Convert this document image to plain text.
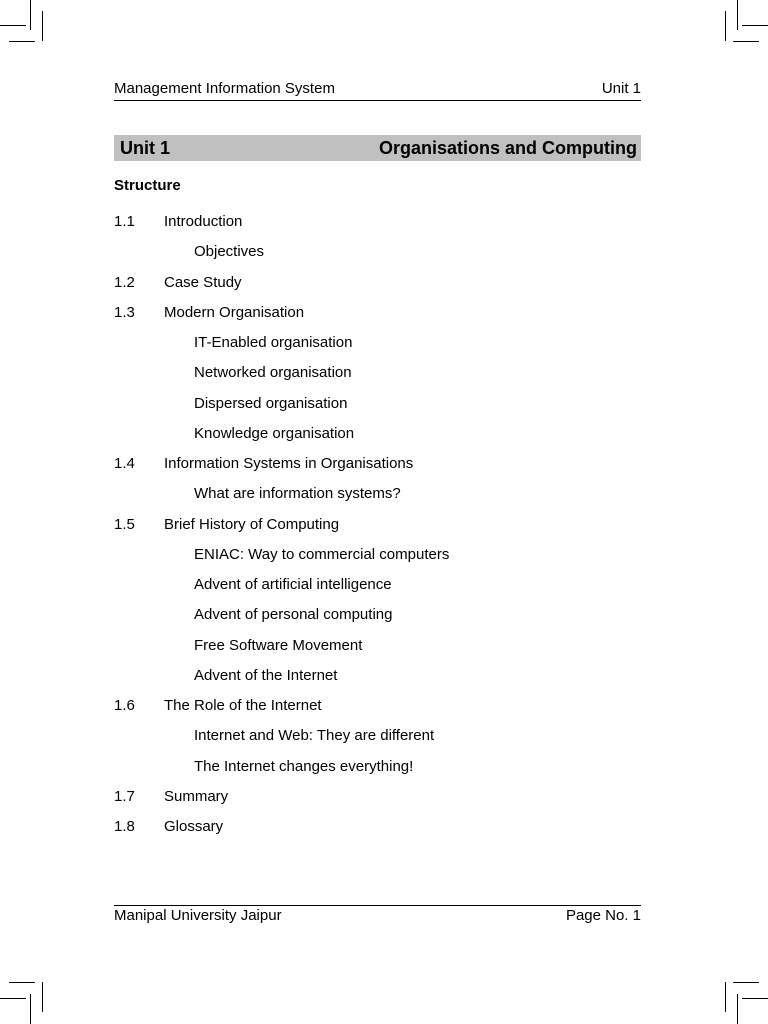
Management Information System	Unit 1
Unit 1	Organisations and Computing
Structure
1.1 Introduction
Objectives
1.2 Case Study
1.3 Modern Organisation
IT-Enabled organisation
Networked organisation
Dispersed organisation
Knowledge organisation
1.4 Information Systems in Organisations
What are information systems?
1.5 Brief History of Computing
ENIAC: Way to commercial computers
Advent of artificial intelligence
Advent of personal computing
Free Software Movement
Advent of the Internet
1.6 The Role of the Internet
Internet and Web: They are different
The Internet changes everything!
1.7 Summary
1.8 Glossary
Manipal University Jaipur	Page No. 1
